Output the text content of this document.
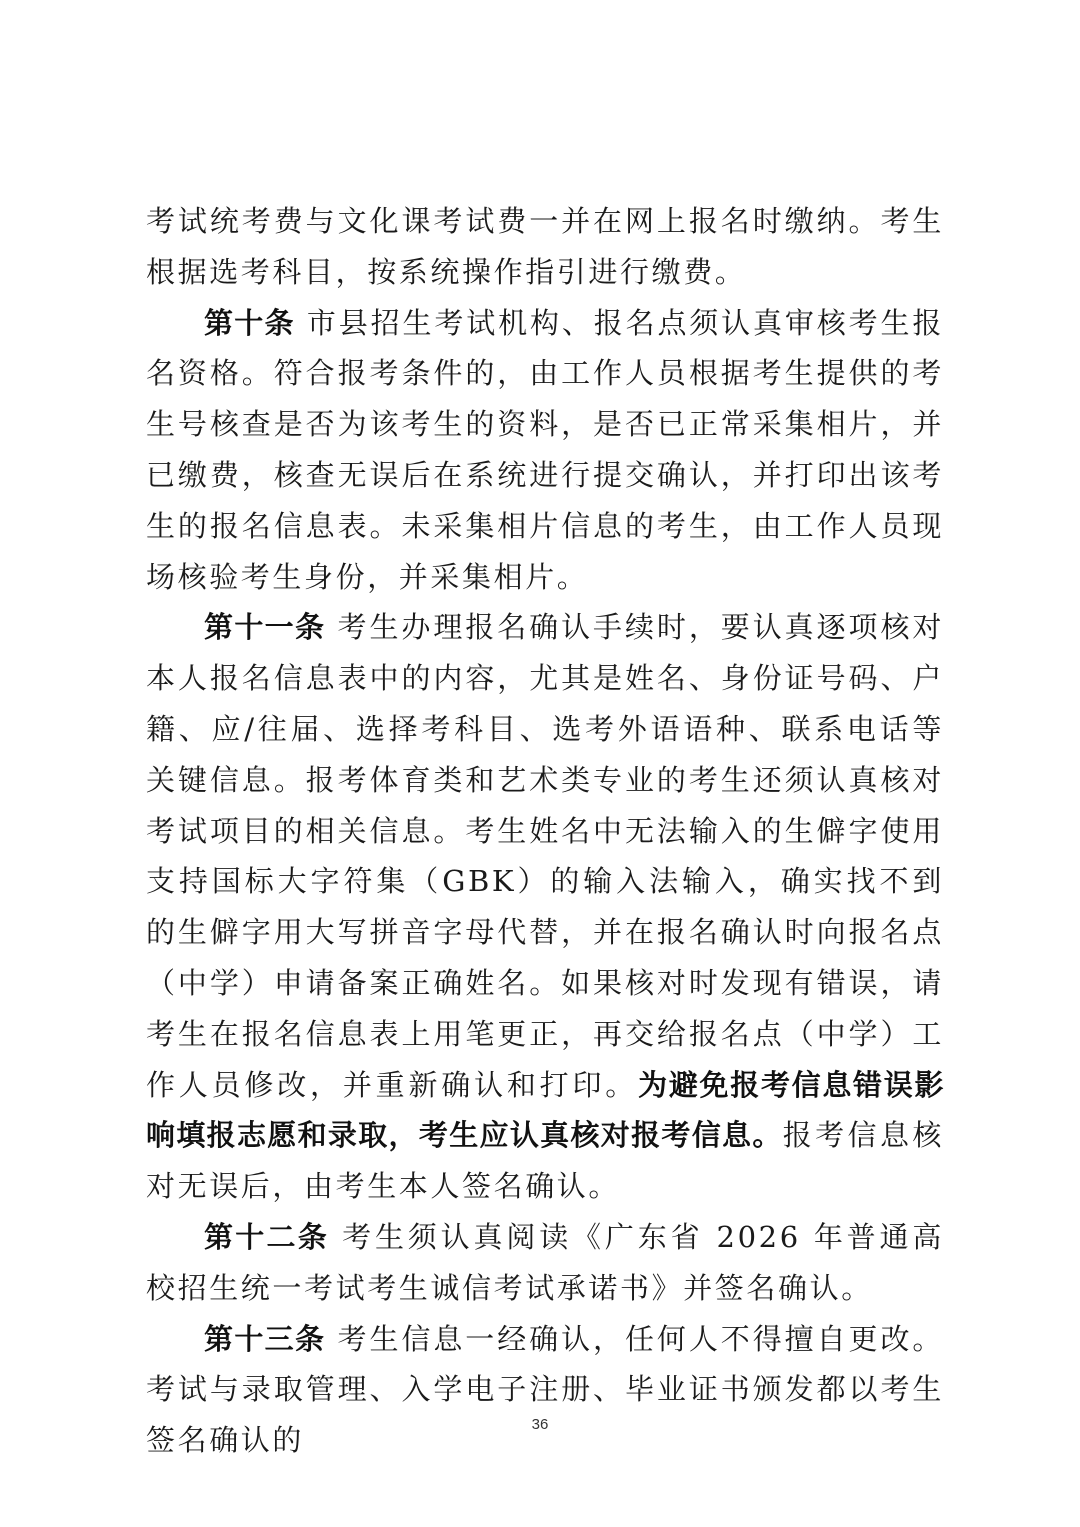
考试统考费与文化课考试费一并在网上报名时缴纳。考生根据选考科目，按系统操作指引进行缴费。

第十条 市县招生考试机构、报名点须认真审核考生报名资格。符合报考条件的，由工作人员根据考生提供的考生号核查是否为该考生的资料，是否已正常采集相片，并已缴费，核查无误后在系统进行提交确认，并打印出该考生的报名信息表。未采集相片信息的考生，由工作人员现场核验考生身份，并采集相片。

第十一条 考生办理报名确认手续时，要认真逐项核对本人报名信息表中的内容，尤其是姓名、身份证号码、户籍、应/往届、选择考科目、选考外语语种、联系电话等关键信息。报考体育类和艺术类专业的考生还须认真核对考试项目的相关信息。考生姓名中无法输入的生僻字使用支持国标大字符集（GBK）的输入法输入，确实找不到的生僻字用大写拼音字母代替，并在报名确认时向报名点（中学）申请备案正确姓名。如果核对时发现有错误，请考生在报名信息表上用笔更正，再交给报名点（中学）工作人员修改，并重新确认和打印。为避免报考信息错误影响填报志愿和录取，考生应认真核对报考信息。报考信息核对无误后，由考生本人签名确认。

第十二条 考生须认真阅读《广东省 2026 年普通高校招生统一考试考生诚信考试承诺书》并签名确认。

第十三条 考生信息一经确认，任何人不得擅自更改。考试与录取管理、入学电子注册、毕业证书颁发都以考生签名确认的	36
